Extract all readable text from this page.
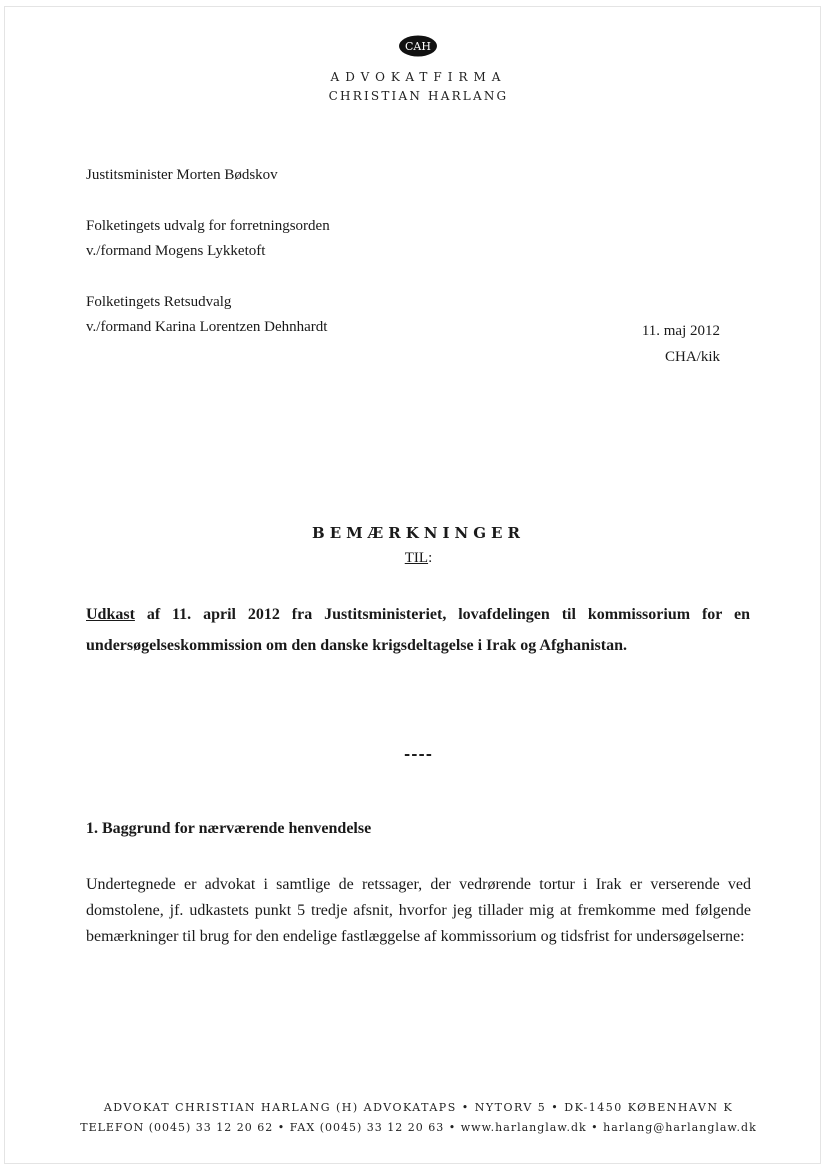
CAH
ADVOKATFIRMA
CHRISTIAN HARLANG
Justitsminister Morten Bødskov
Folketingets udvalg for forretningsorden
v./formand Mogens Lykketoft
Folketingets Retsudvalg
v./formand Karina Lorentzen Dehnhardt	11. maj 2012
CHA/kik
BEMÆRKNINGER
TIL:
Udkast af 11. april 2012 fra Justitsministeriet, lovafdelingen til kommissorium for en undersøgelseskommission om den danske krigsdeltagelse i Irak og Afghanistan.
----
1. Baggrund for nærværende henvendelse
Undertegnede er advokat i samtlige de retssager, der vedrørende tortur i Irak er verserende ved domstolene, jf. udkastets punkt 5 tredje afsnit, hvorfor jeg tillader mig at fremkomme med følgende bemærkninger til brug for den endelige fastlæggelse af kommissorium og tidsfrist for undersøgelserne:
ADVOKAT CHRISTIAN HARLANG (H) ADVOKATAPS • NYTORV 5 • DK-1450 KØBENHAVN K
TELEFON (0045) 33 12 20 62 • FAX (0045) 33 12 20 63 • www.harlanglaw.dk • harlang@harlanglaw.dk
